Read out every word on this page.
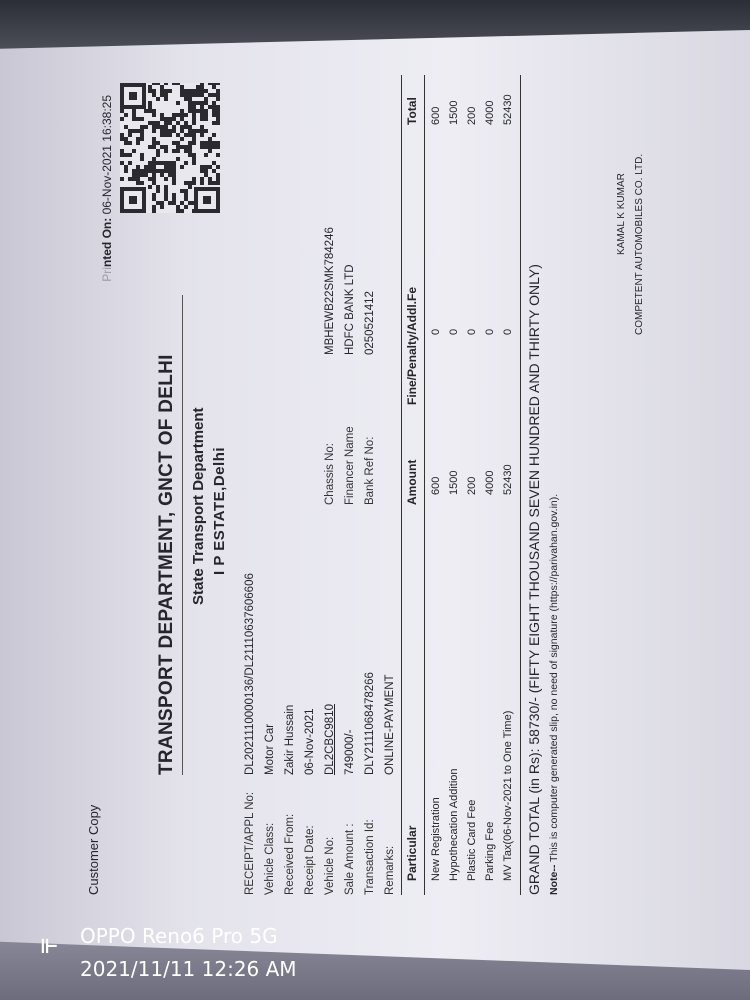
Customer Copy
Printed On: 06-Nov-2021 16:38:25
TRANSPORT DEPARTMENT, GNCT OF DELHI State Transport Department I P ESTATE,Delhi
RECEIPT/APPL No:
DL2021110000136/DL21110637606606
Vehicle Class:
Motor Car
Received From:
Zakir Hussain
Receipt Date:
06-Nov-2021
Vehicle No:
DL2CBC9810
Sale Amount :
749000/-
Transaction Id:
DLY2111068478266
Remarks:
ONLINE-PAYMENT
Chassis No:
MBHEWB22SMK784246
Financer Name
HDFC BANK LTD
Bank Ref No:
0250521412
Particular
Amount
Fine/Penalty/Addl.Fe
Total
New Registration
600
0
600
Hypothecation Addition
1500
0
1500
Plastic Card Fee
200
0
200
Parking Fee
4000
0
4000
MV Tax(06-Nov-2021 to One Time)
52430
0
52430
GRAND TOTAL (in Rs): 58730/- (FIFTY EIGHT THOUSAND SEVEN HUNDRED AND THIRTY ONLY) Note-- This is computer generated slip, no need of signature (https://parivahan.gov.in).
KAMAL K KUMAR COMPETENT AUTOMOBILES CO. LTD.
⊩ OPPO Reno6 Pro 5G
2021/11/11 12:26 AM
